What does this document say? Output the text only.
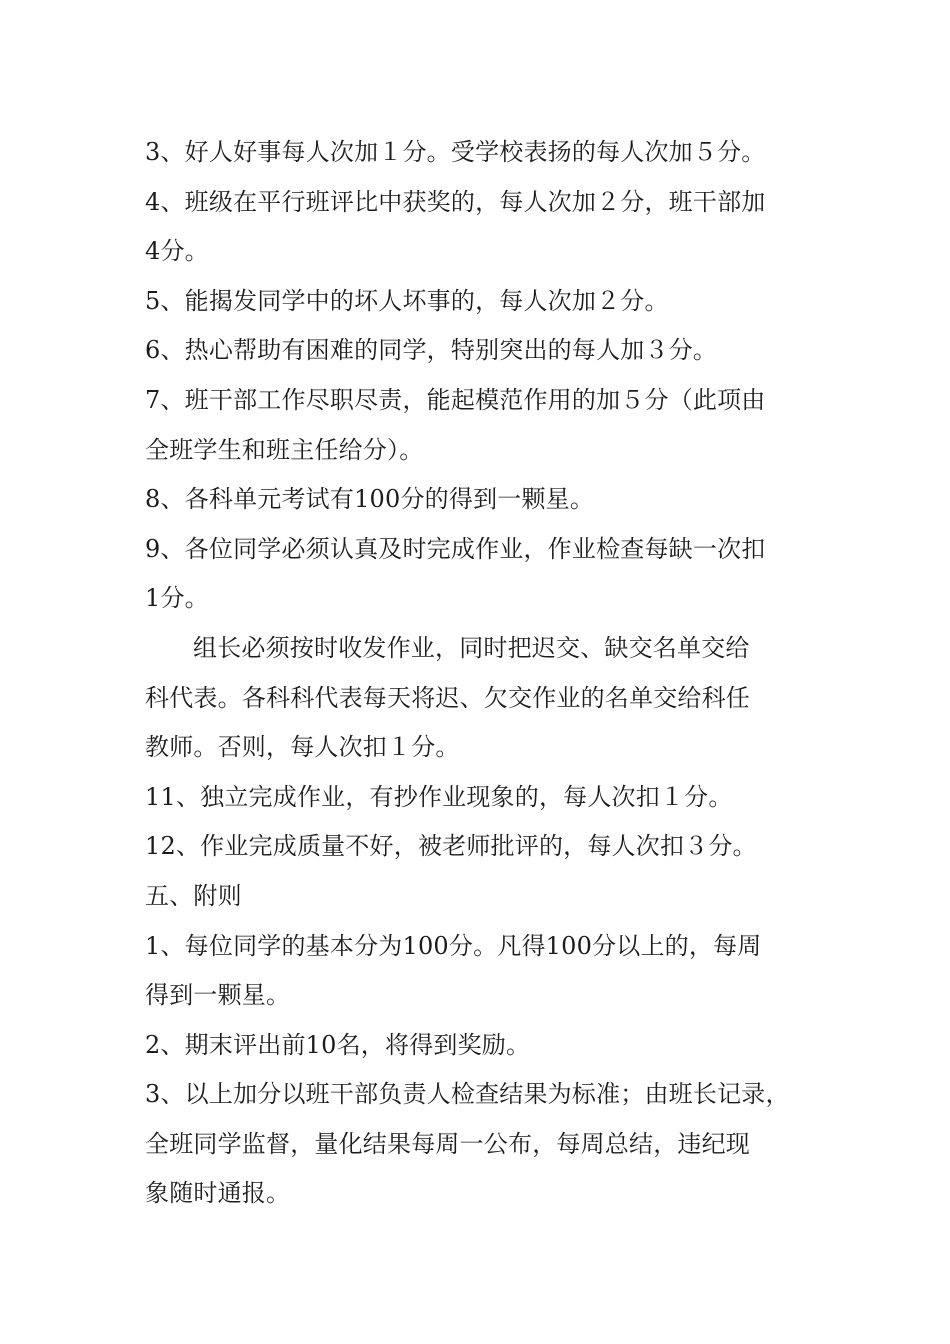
3、好人好事每人次加１分。受学校表扬的每人次加５分。
4、班级在平行班评比中获奖的，每人次加２分，班干部加
4分。
5、能揭发同学中的坏人坏事的，每人次加２分。
6、热心帮助有困难的同学，特别突出的每人加３分。
7、班干部工作尽职尽责，能起模范作用的加５分（此项由
全班学生和班主任给分）。
8、各科单元考试有100分的得到一颗星。
9、各位同学必须认真及时完成作业，作业检查每缺一次扣
1分。
组长必须按时收发作业，同时把迟交、缺交名单交给
科代表。各科科代表每天将迟、欠交作业的名单交给科任
教师。否则，每人次扣１分。
11、独立完成作业，有抄作业现象的，每人次扣１分。
12、作业完成质量不好，被老师批评的，每人次扣３分。
五、附则
1、每位同学的基本分为100分。凡得100分以上的，每周
得到一颗星。
2、期末评出前10名，将得到奖励。
3、以上加分以班干部负责人检查结果为标准；由班长记录，
全班同学监督，量化结果每周一公布，每周总结，违纪现
象随时通报。
